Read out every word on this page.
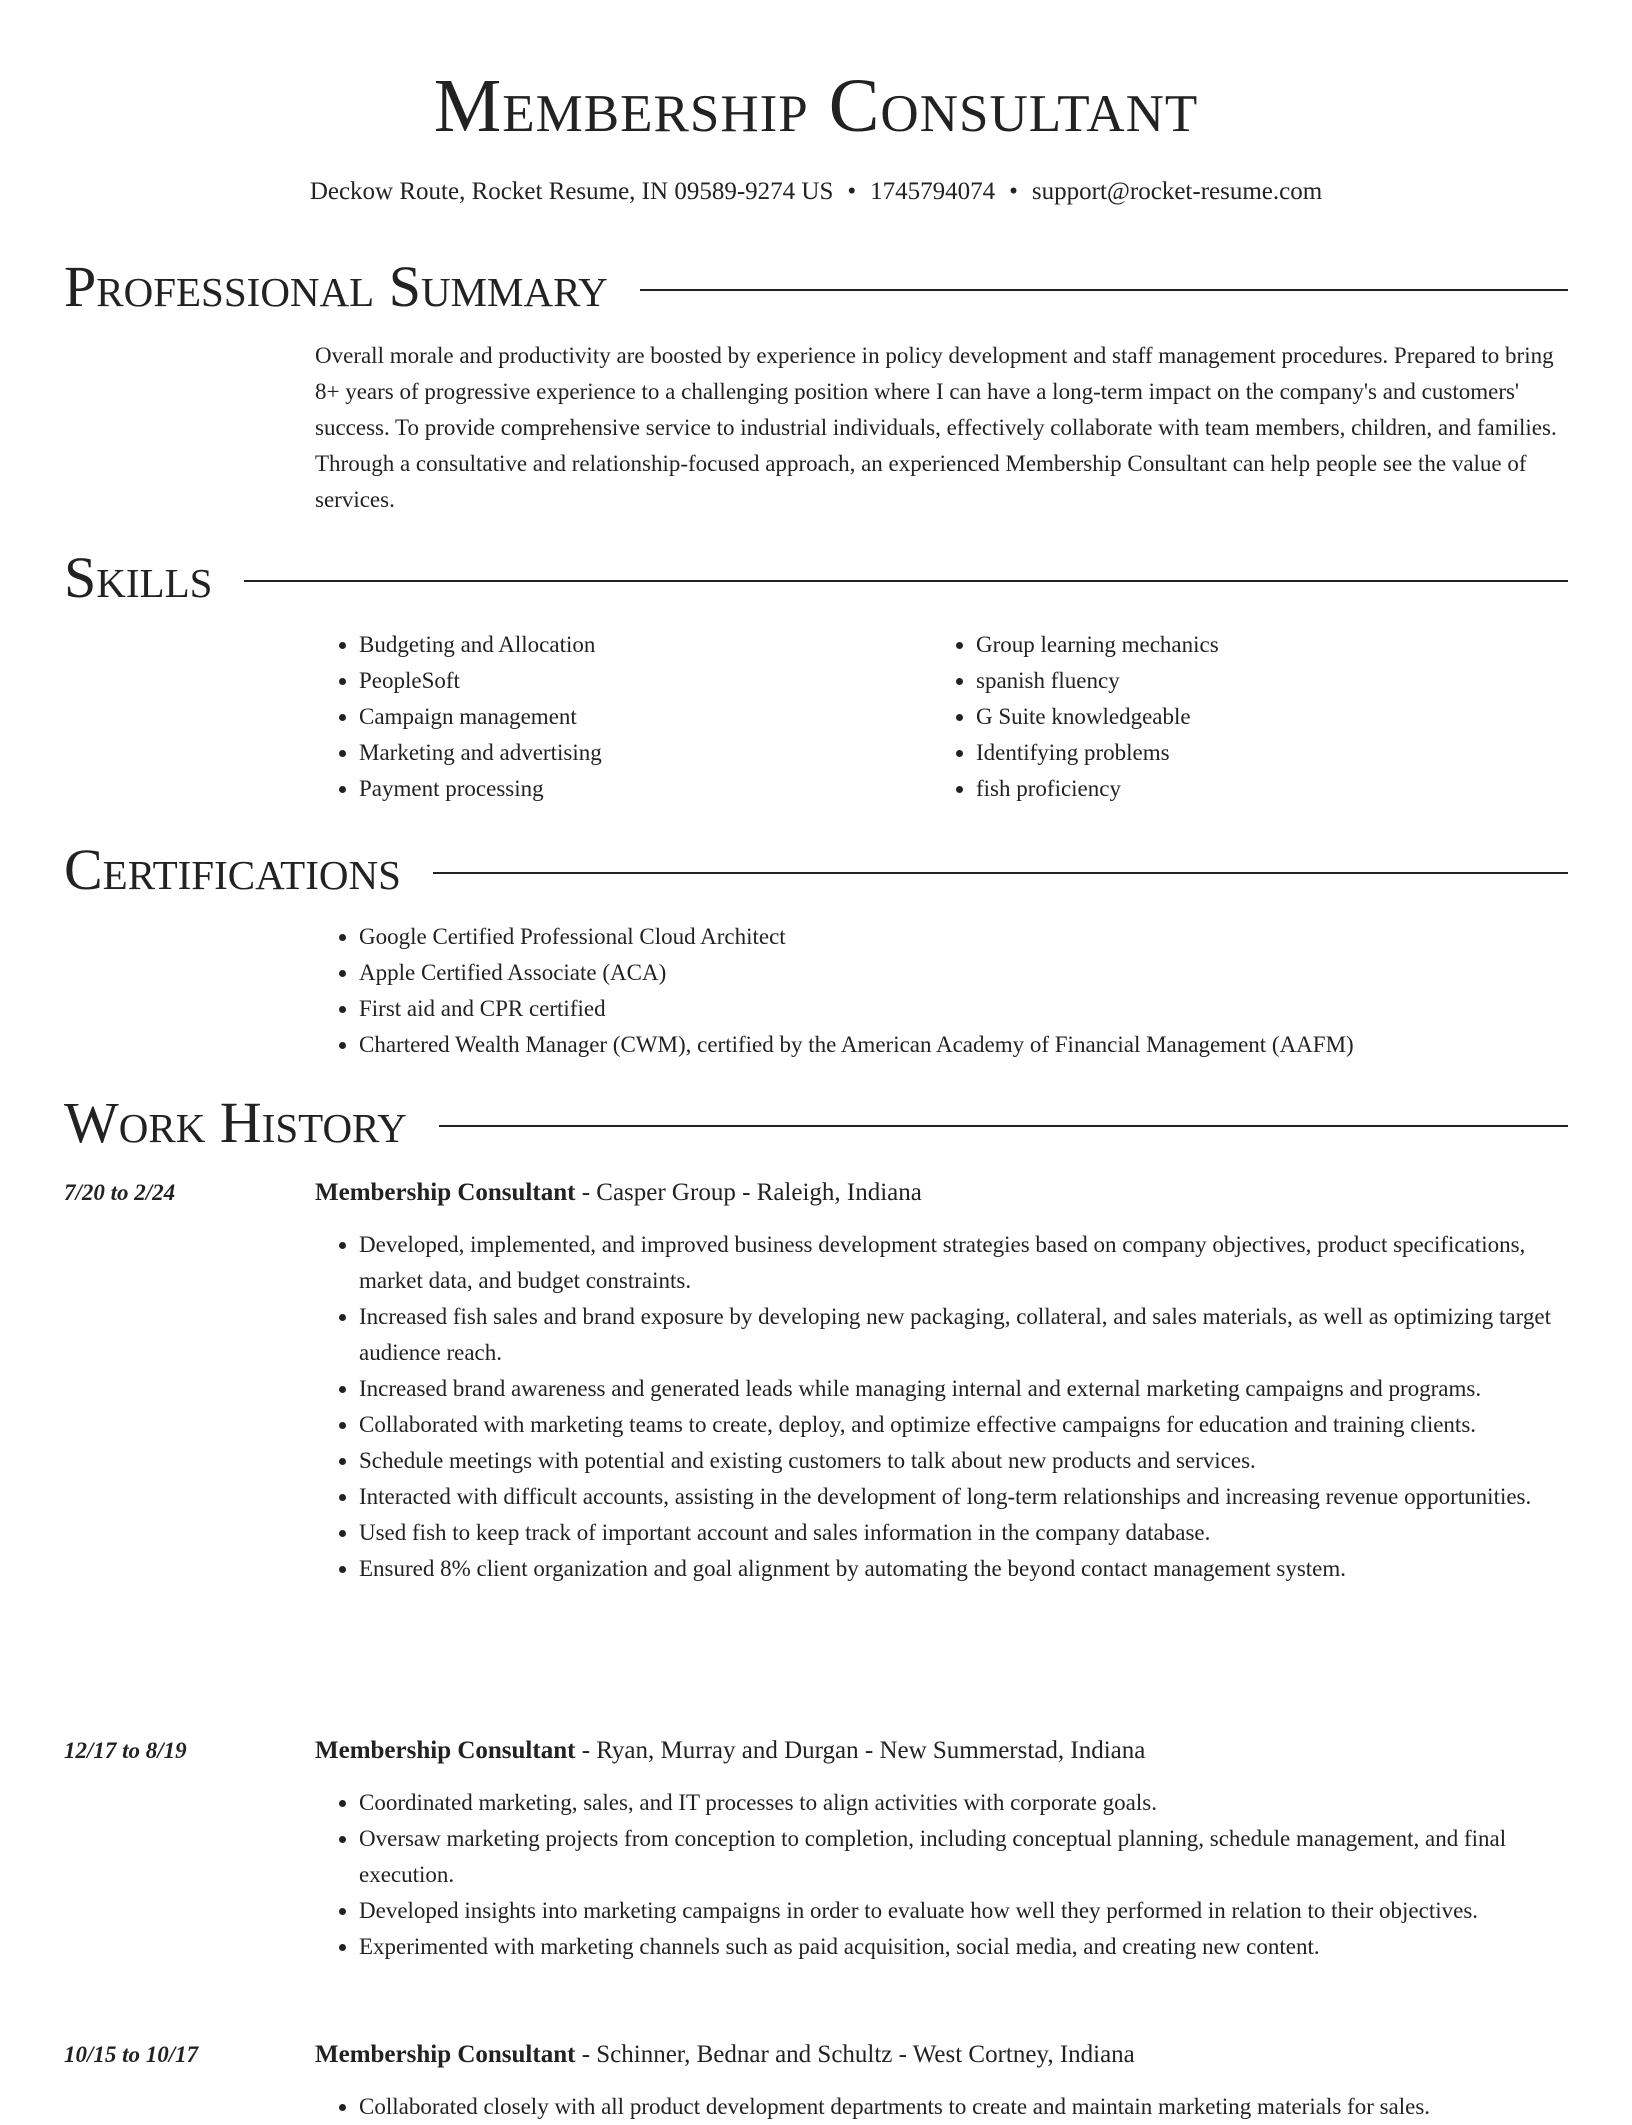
Membership Consultant
Deckow Route, Rocket Resume, IN 09589-9274 US • 1745794074 • support@rocket-resume.com
Professional Summary
Overall morale and productivity are boosted by experience in policy development and staff management procedures. Prepared to bring 8+ years of progressive experience to a challenging position where I can have a long-term impact on the company's and customers' success. To provide comprehensive service to industrial individuals, effectively collaborate with team members, children, and families. Through a consultative and relationship-focused approach, an experienced Membership Consultant can help people see the value of services.
Skills
• Budgeting and Allocation
• PeopleSoft
• Campaign management
• Marketing and advertising
• Payment processing
• Group learning mechanics
• spanish fluency
• G Suite knowledgeable
• Identifying problems
• fish proficiency
Certifications
• Google Certified Professional Cloud Architect
• Apple Certified Associate (ACA)
• First aid and CPR certified
• Chartered Wealth Manager (CWM), certified by the American Academy of Financial Management (AAFM)
Work History
7/20 to 2/24	Membership Consultant - Casper Group - Raleigh, Indiana
• Developed, implemented, and improved business development strategies based on company objectives, product specifications, market data, and budget constraints.
• Increased fish sales and brand exposure by developing new packaging, collateral, and sales materials, as well as optimizing target audience reach.
• Increased brand awareness and generated leads while managing internal and external marketing campaigns and programs.
• Collaborated with marketing teams to create, deploy, and optimize effective campaigns for education and training clients.
• Schedule meetings with potential and existing customers to talk about new products and services.
• Interacted with difficult accounts, assisting in the development of long-term relationships and increasing revenue opportunities.
• Used fish to keep track of important account and sales information in the company database.
• Ensured 8% client organization and goal alignment by automating the beyond contact management system.
12/17 to 8/19	Membership Consultant - Ryan, Murray and Durgan - New Summerstad, Indiana
• Coordinated marketing, sales, and IT processes to align activities with corporate goals.
• Oversaw marketing projects from conception to completion, including conceptual planning, schedule management, and final execution.
• Developed insights into marketing campaigns in order to evaluate how well they performed in relation to their objectives.
• Experimented with marketing channels such as paid acquisition, social media, and creating new content.
10/15 to 10/17	Membership Consultant - Schinner, Bednar and Schultz - West Cortney, Indiana
• Collaborated closely with all product development departments to create and maintain marketing materials for sales.
